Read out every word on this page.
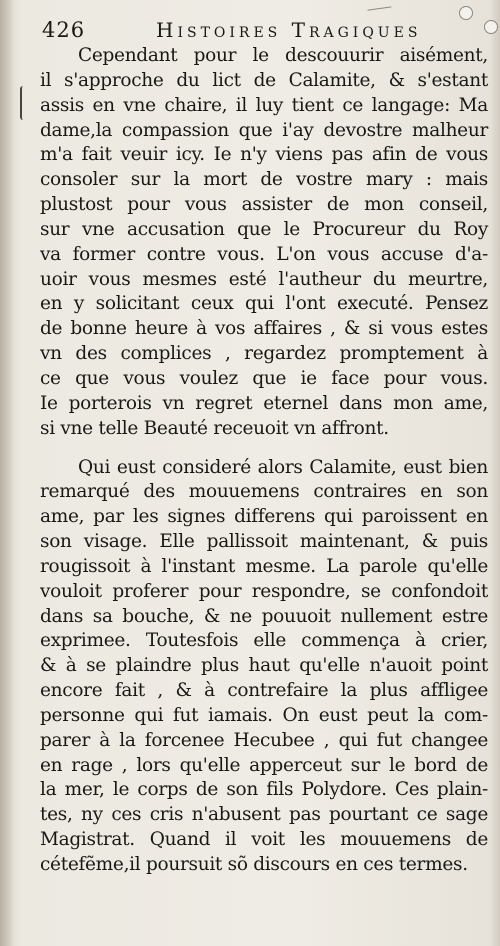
426	Histoires Tragiques
Cependant pour le descouurir aisément,
il s'approche du lict de Calamite, & s'estant
assis en vne chaire, il luy tient ce langage: Ma
dame,la compassion que i'ay devostre malheur
m'a fait veuir icy. Ie n'y viens pas afin de vous
consoler sur la mort de vostre mary : mais
plustost pour vous assister de mon conseil,
sur vne accusation que le Procureur du Roy
va former contre vous. L'on vous accuse d'a-
uoir vous mesmes esté l'autheur du meurtre,
en y solicitant ceux qui l'ont executé. Pensez
de bonne heure à vos affaires , & si vous estes
vn des complices , regardez promptement à
ce que vous voulez que ie face pour vous.
Ie porterois vn regret eternel dans mon ame,
si vne telle Beauté receuoit vn affront.
Qui eust consideré alors Calamite, eust bien
remarqué des mouuemens contraires en son
ame, par les signes differens qui paroissent en
son visage. Elle pallissoit maintenant, & puis
rougissoit à l'instant mesme. La parole qu'elle
vouloit proferer pour respondre, se confondoit
dans sa bouche, & ne pouuoit nullement estre
exprimee. Toutesfois elle commença à crier,
& à se plaindre plus haut qu'elle n'auoit point
encore fait , & à contrefaire la plus affligee
personne qui fut iamais. On eust peut la com-
parer à la forcenee Hecubee , qui fut changee
en rage , lors qu'elle apperceut sur le bord de
la mer, le corps de son fils Polydore. Ces plain-
tes, ny ces cris n'abusent pas pourtant ce sage
Magistrat. Quand il voit les mouuemens de
cétefẽme,il poursuit sõ discours en ces termes.
